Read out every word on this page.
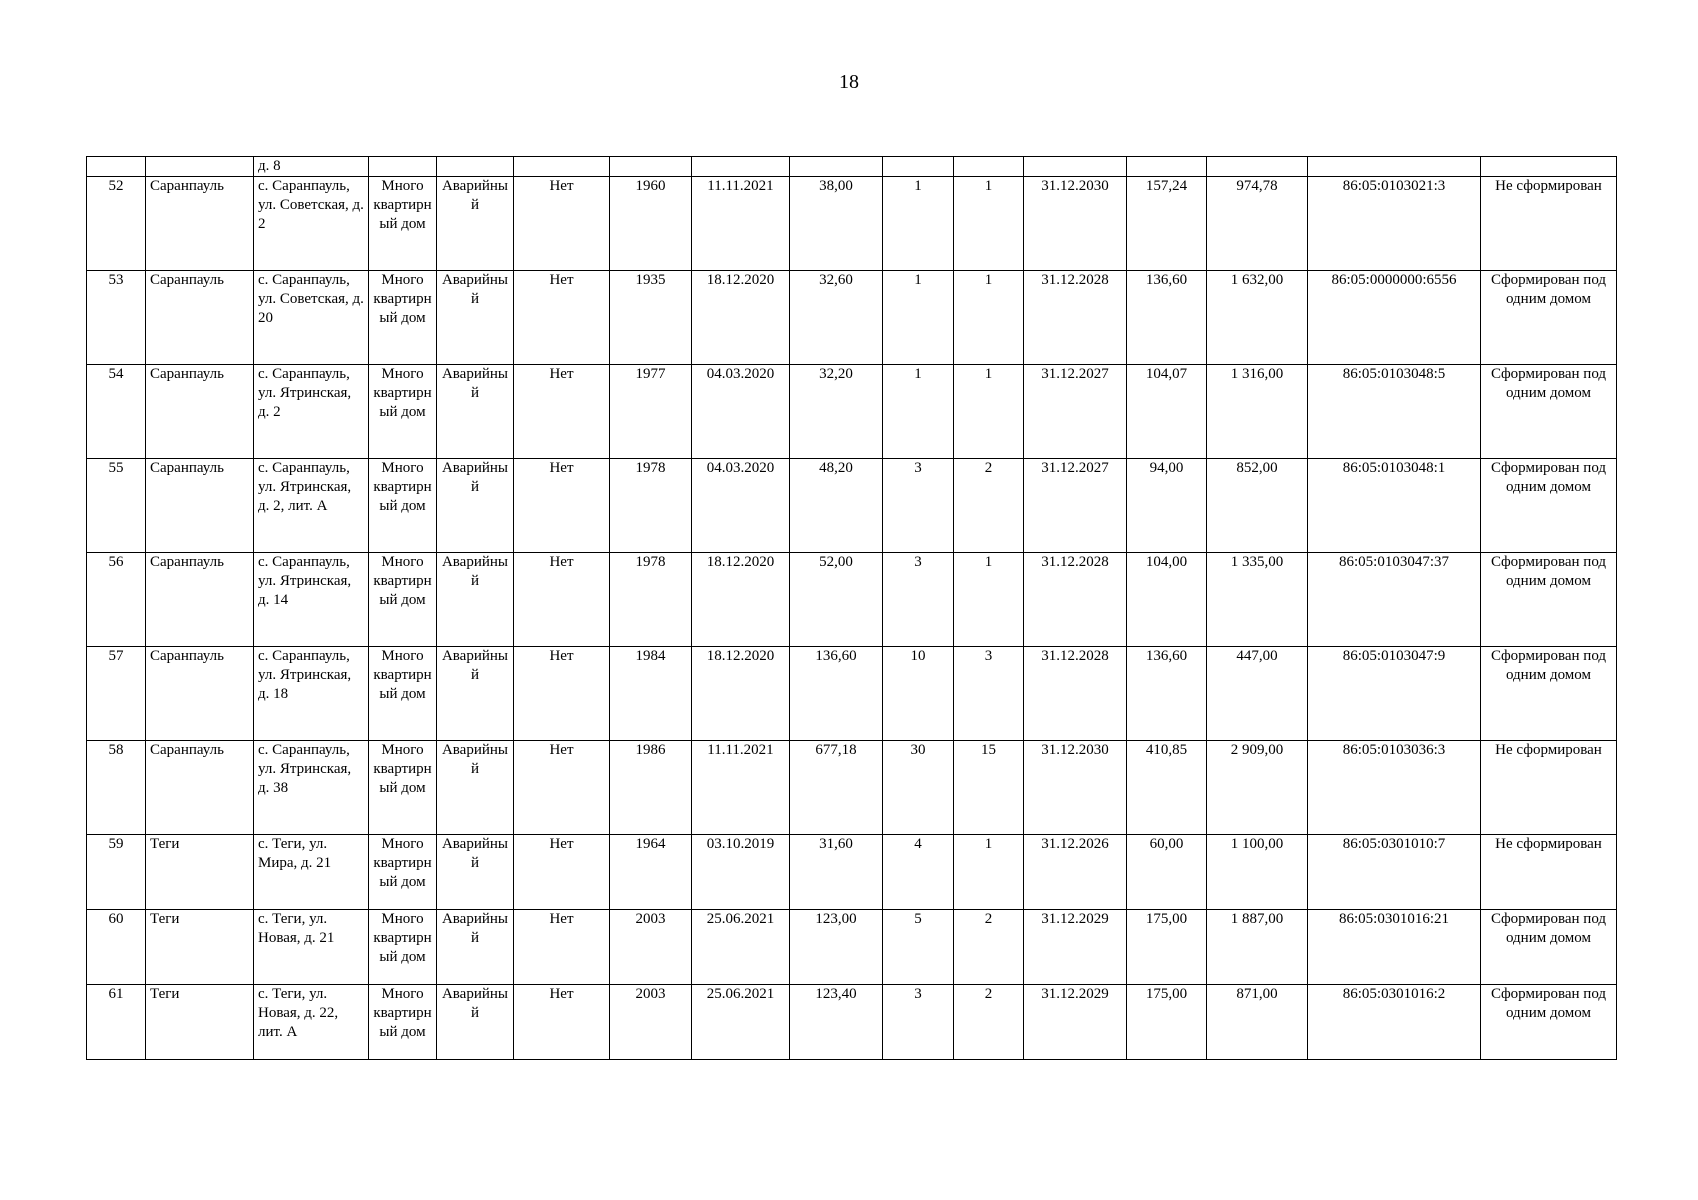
18
		д. 8													
52	Саранпауль	с. Саранпауль, ул. Советская, д. 2	Много квартирный дом	Аварийный	Нет	1960	11.11.2021	38,00	1	1	31.12.2030	157,24	974,78	86:05:0103021:3	Не сформирован
53	Саранпауль	с. Саранпауль, ул. Советская, д. 20	Много квартирный дом	Аварийный	Нет	1935	18.12.2020	32,60	1	1	31.12.2028	136,60	1 632,00	86:05:0000000:6556	Сформирован под одним домом
54	Саранпауль	с. Саранпауль, ул. Ятринская, д. 2	Много квартирный дом	Аварийный	Нет	1977	04.03.2020	32,20	1	1	31.12.2027	104,07	1 316,00	86:05:0103048:5	Сформирован под одним домом
55	Саранпауль	с. Саранпауль, ул. Ятринская, д. 2, лит. А	Много квартирный дом	Аварийный	Нет	1978	04.03.2020	48,20	3	2	31.12.2027	94,00	852,00	86:05:0103048:1	Сформирован под одним домом
56	Саранпауль	с. Саранпауль, ул. Ятринская, д. 14	Много квартирный дом	Аварийный	Нет	1978	18.12.2020	52,00	3	1	31.12.2028	104,00	1 335,00	86:05:0103047:37	Сформирован под одним домом
57	Саранпауль	с. Саранпауль, ул. Ятринская, д. 18	Много квартирный дом	Аварийный	Нет	1984	18.12.2020	136,60	10	3	31.12.2028	136,60	447,00	86:05:0103047:9	Сформирован под одним домом
58	Саранпауль	с. Саранпауль, ул. Ятринская, д. 38	Много квартирный дом	Аварийный	Нет	1986	11.11.2021	677,18	30	15	31.12.2030	410,85	2 909,00	86:05:0103036:3	Не сформирован
59	Теги	с. Теги, ул. Мира, д. 21	Много квартирный дом	Аварийный	Нет	1964	03.10.2019	31,60	4	1	31.12.2026	60,00	1 100,00	86:05:0301010:7	Не сформирован
60	Теги	с. Теги, ул. Новая, д. 21	Много квартирный дом	Аварийный	Нет	2003	25.06.2021	123,00	5	2	31.12.2029	175,00	1 887,00	86:05:0301016:21	Сформирован под одним домом
61	Теги	с. Теги, ул. Новая, д. 22, лит. А	Много квартирный дом	Аварийный	Нет	2003	25.06.2021	123,40	3	2	31.12.2029	175,00	871,00	86:05:0301016:2	Сформирован под одним домом
